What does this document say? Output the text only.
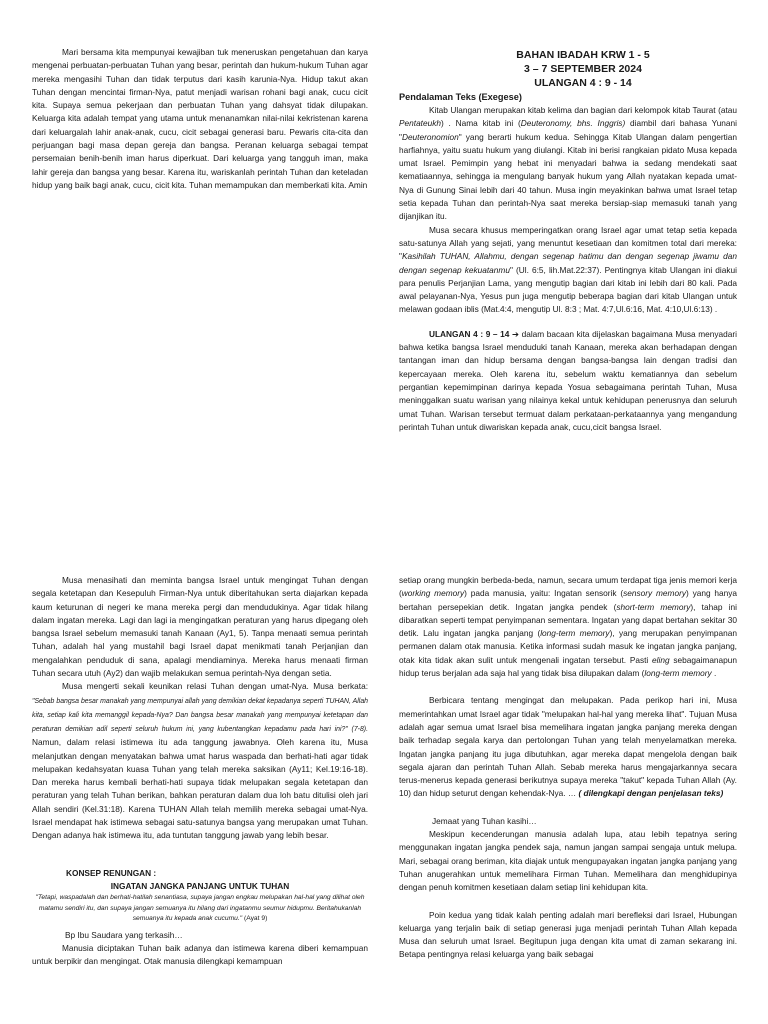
Mari bersama kita mempunyai kewajiban tuk meneruskan pengetahuan dan karya mengenai perbuatan-perbuatan Tuhan yang besar, perintah dan hukum-hukum Tuhan agar mereka mengasihi Tuhan dan tidak terputus dari kasih karunia-Nya. Hidup takut akan Tuhan dengan mencintai firman-Nya, patut menjadi warisan rohani bagi anak, cucu cicit kita. Supaya semua pekerjaan dan perbuatan Tuhan yang dahsyat tidak dilupakan. Keluarga kita adalah tempat yang utama untuk menanamkan nilai-nilai kekristenan karena dari keluargalah lahir anak-anak, cucu, cicit sebagai generasi baru. Pewaris cita-cita dan perjuangan bagi masa depan gereja dan bangsa. Peranan keluarga sebagai tempat persemaian benih-benih iman harus diperkuat. Dari keluarga yang tangguh iman, maka lahir gereja dan bangsa yang besar. Karena itu, wariskanlah perintah Tuhan dan keteladan hidup yang baik bagi anak, cucu, cicit kita. Tuhan memampukan dan memberkati kita. Amin

BAHAN IBADAH KRW 1 - 5
3 – 7 SEPTEMBER 2024
ULANGAN 4 : 9 - 14
Pendalaman Teks (Exegese)

Kitab Ulangan merupakan kitab kelima dan bagian dari kelompok kitab Taurat (atau Pentateukh) . Nama kitab ini (Deuteronomy, bhs. Inggris) diambil dari bahasa Yunani "Deuteronomion" yang berarti hukum kedua. Sehingga Kitab Ulangan dalam pengertian harfiahnya, yaitu suatu hukum yang diulangi. Kitab ini berisi rangkaian pidato Musa kepada umat Israel. Pemimpin yang hebat ini menyadari bahwa ia sedang mendekati saat kematiaannya, sehingga ia mengulang banyak hukum yang Allah nyatakan kepada umat-Nya di Gunung Sinai lebih dari 40 tahun. Musa ingin meyakinkan bahwa umat Israel tetap setia kepada Tuhan dan perintah-Nya saat mereka bersiap-siap memasuki tanah yang dijanjikan itu.

Musa secara khusus memperingatkan orang Israel agar umat tetap setia kepada satu-satunya Allah yang sejati, yang menuntut kesetiaan dan komitmen total dari mereka: "Kasihilah TUHAN, Allahmu, dengan segenap hatimu dan dengan segenap jiwamu dan dengan segenap kekuatanmu" (Ul. 6:5, lih.Mat.22:37). Pentingnya kitab Ulangan ini diakui para penulis Perjanjian Lama, yang mengutip bagian dari kitab ini lebih dari 80 kali. Pada awal pelayanan-Nya, Yesus pun juga mengutip beberapa bagian dari kitab Ulangan untuk melawan godaan iblis (Mat.4:4, mengutip Ul. 8:3 ; Mat. 4:7,Ul.6:16, Mat. 4:10,Ul.6:13) .

ULANGAN 4 : 9 – 14 ➔ dalam bacaan kita dijelaskan bagaimana Musa menyadari bahwa ketika bangsa Israel menduduki tanah Kanaan, mereka akan berhadapan dengan tantangan iman dan hidup bersama dengan bangsa-bangsa lain dengan tradisi dan kepercayaan mereka. Oleh karena itu, sebelum waktu kematiannya dan sebelum pergantian kepemimpinan darinya kepada Yosua sebagaimana perintah Tuhan, Musa meninggalkan suatu warisan yang nilainya kekal untuk kehidupan penerusnya dan seluruh umat Tuhan. Warisan tersebut termuat dalam perkataan-perkataannya yang mengandung perintah Tuhan untuk diwariskan kepada anak, cucu,cicit bangsa Israel.

Musa menasihati dan meminta bangsa Israel untuk mengingat Tuhan dengan segala ketetapan dan Kesepuluh Firman-Nya untuk diberitahukan serta diajarkan kepada kaum keturunan di negeri ke mana mereka pergi dan mendudukinya. Agar tidak hilang dalam ingatan mereka. Lagi dan lagi ia mengingatkan peraturan yang harus dipegang oleh bangsa Israel sebelum memasuki tanah Kanaan (Ay1, 5). Tanpa menaati semua perintah Tuhan, adalah hal yang mustahil bagi Israel dapat menikmati tanah Perjanjian dan mengalahkan penduduk di sana, apalagi mendiaminya. Mereka harus menaati firman Tuhan secara utuh (Ay2) dan wajib melakukan semua perintah-Nya dengan setia.

Musa mengerti sekali keunikan relasi Tuhan dengan umat-Nya. Musa berkata: "Sebab bangsa besar manakah yang mempunyai allah yang demikian dekat kepadanya seperti TUHAN, Allah kita, setiap kali kita memanggil kepada-Nya? Dan bangsa besar manakah yang mempunyai ketetapan dan peraturan demikian adil seperti seluruh hukum ini, yang kubentangkan kepadamu pada hari ini?" (7-8). Namun, dalam relasi istimewa itu ada tanggung jawabnya. Oleh karena itu, Musa melanjutkan dengan menyatakan bahwa umat harus waspada dan berhati-hati agar tidak melupakan kedahsyatan kuasa Tuhan yang telah mereka saksikan (Ay11; Kel.19:16-18). Dan mereka harus kembali berhati-hati supaya tidak melupakan segala ketetapan dan peraturan yang telah Tuhan berikan, bahkan peraturan dalam dua loh batu ditulisi oleh jari Allah sendiri (Kel.31:18). Karena TUHAN Allah telah memilih mereka sebagai umat-Nya. Israel mendapat hak istimewa sebagai satu-satunya bangsa yang merupakan umat Tuhan. Dengan adanya hak istimewa itu, ada tuntutan tanggung jawab yang lebih besar.

KONSEP RENUNGAN :
INGATAN JANGKA PANJANG UNTUK TUHAN
"Tetapi, waspadalah dan berhati-hatilah senantiasa, supaya jangan engkau melupakan hal-hal yang dilihat oleh matamu sendiri itu, dan supaya jangan semuanya itu hilang dari ingatanmu seumur hidupmu. Beritahukanlah semuanya itu kepada anak cucumu." (Ayat 9)

Bp Ibu Saudara yang terkasih…

Manusia diciptakan Tuhan baik adanya dan istimewa karena diberi kemampuan untuk berpikir dan mengingat. Otak manusia dilengkapi kemampuan

setiap orang mungkin berbeda-beda, namun, secara umum terdapat tiga jenis memori kerja (working memory) pada manusia, yaitu: Ingatan sensorik (sensory memory) yang hanya bertahan persepekian detik. Ingatan jangka pendek (short-term memory), tahap ini dibaratkan seperti tempat penyimpanan sementara. Ingatan yang dapat bertahan sekitar 30 detik. Lalu ingatan jangka panjang (long-term memory), yang merupakan penyimpanan permanen dalam otak manusia. Ketika informasi sudah masuk ke ingatan jangka panjang, otak kita tidak akan sulit untuk mengenali ingatan tersebut. Pasti eling sebagaimanapun hidup terus berjalan ada saja hal yang tidak bisa dilupakan dalam (long-term memory .

Berbicara tentang mengingat dan melupakan. Pada perikop hari ini, Musa memerintahkan umat Israel agar tidak "melupakan hal-hal yang mereka lihat". Tujuan Musa adalah agar semua umat Israel bisa memelihara ingatan jangka panjang mereka dengan baik terhadap segala karya dan pertolongan Tuhan yang telah menyelamatkan mereka. Ingatan jangka panjang itu juga dibutuhkan, agar mereka dapat mengelola dengan baik segala ajaran dan perintah Tuhan Allah. Sebab mereka harus mengajarkannya secara terus-menerus kepada generasi berikutnya supaya mereka "takut" kepada Tuhan Allah (Ay. 10) dan hidup seturut dengan kehendak-Nya. … ( dilengkapi dengan penjelasan teks)

Jemaat yang Tuhan kasihi…

Meskipun kecenderungan manusia adalah lupa, atau lebih tepatnya sering menggunakan ingatan jangka pendek saja, namun jangan sampai sengaja untuk melupa. Mari, sebagai orang beriman, kita diajak untuk mengupayakan ingatan jangka panjang yang Tuhan anugerahkan untuk memelihara Firman Tuhan. Memelihara dan menghidupinya dengan penuh komitmen kesetiaan dalam setiap lini kehidupan kita.

Poin kedua yang tidak kalah penting adalah mari berefleksi dari Israel, Hubungan keluarga yang terjalin baik di setiap generasi juga menjadi perintah Tuhan Allah kepada Musa dan seluruh umat Israel. Begitupun juga dengan kita umat di zaman sekarang ini. Betapa pentingnya relasi keluarga yang baik sebagai
